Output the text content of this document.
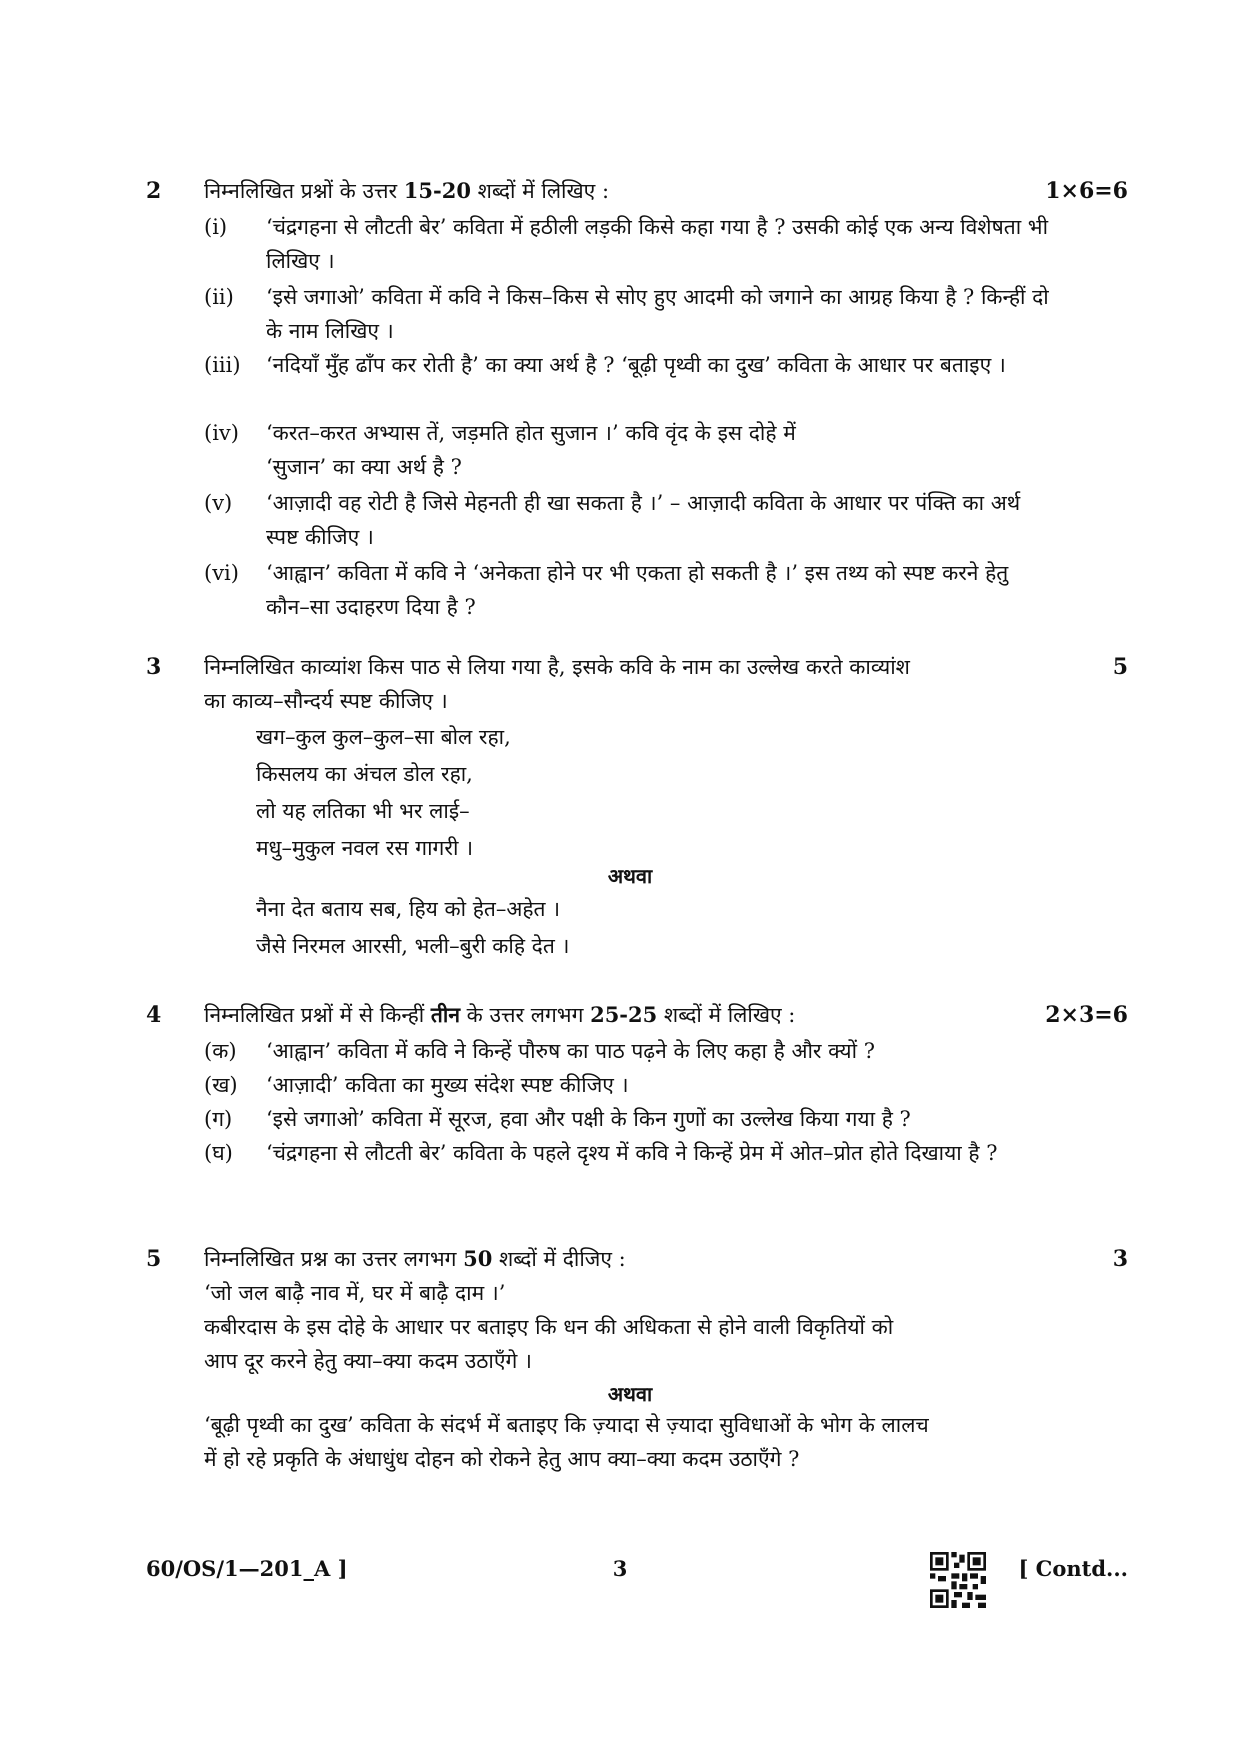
2 निम्नलिखित प्रश्नों के उत्तर 15-20 शब्दों में लिखिए :	1×6=6
(i)	‘चंद्रगहना से लौटती बेर’ कविता में हठीली लड़की किसे कहा गया है ? उसकी कोई एक अन्य विशेषता भी लिखिए ।
(ii)	‘इसे जगाओ’ कविता में कवि ने किस–किस से सोए हुए आदमी को जगाने का आग्रह किया है ? किन्हीं दो के नाम लिखिए ।
(iii)	‘नदियाँ मुँह ढाँप कर रोती है’ का क्या अर्थ है ? ‘बूढ़ी पृथ्वी का दुख’ कविता के आधार पर बताइए ।
(iv)	‘करत–करत अभ्यास तें, जड़मति होत सुजान ।’ कवि वृंद के इस दोहे में ‘सुजान’ का क्या अर्थ है ?
(v)	‘आज़ादी वह रोटी है जिसे मेहनती ही खा सकता है ।’ – आज़ादी कविता के आधार पर पंक्ति का अर्थ स्पष्ट कीजिए ।
(vi)	‘आह्वान’ कविता में कवि ने ‘अनेकता होने पर भी एकता हो सकती है ।’ इस तथ्य को स्पष्ट करने हेतु कौन–सा उदाहरण दिया है ?
3 निम्नलिखित काव्यांश किस पाठ से लिया गया है, इसके कवि के नाम का उल्लेख करते काव्यांश
का काव्य–सौन्दर्य स्पष्ट कीजिए ।
5
खग–कुल कुल–कुल–सा बोल रहा,
किसलय का अंचल डोल रहा,
लो यह लतिका भी भर लाई–
मधु–मुकुल नवल रस गागरी ।
अथवा
नैना देत बताय सब, हिय को हेत–अहेत ।
जैसे निरमल आरसी, भली–बुरी कहि देत ।
4 निम्नलिखित प्रश्नों में से किन्हीं तीन के उत्तर लगभग 25-25 शब्दों में लिखिए :	2×3=6
(क)	‘आह्वान’ कविता में कवि ने किन्हें पौरुष का पाठ पढ़ने के लिए कहा है और क्यों ?
(ख)	‘आज़ादी’ कविता का मुख्य संदेश स्पष्ट कीजिए ।
(ग)	‘इसे जगाओ’ कविता में सूरज, हवा और पक्षी के किन गुणों का उल्लेख किया गया है ?
(घ)	‘चंद्रगहना से लौटती बेर’ कविता के पहले दृश्य में कवि ने किन्हें प्रेम में ओत–प्रोत होते दिखाया है ?
5 निम्नलिखित प्रश्न का उत्तर लगभग 50 शब्दों में दीजिए :	3
‘जो जल बाढ़ै नाव में, घर में बाढ़ै दाम ।’
कबीरदास के इस दोहे के आधार पर बताइए कि धन की अधिकता से होने वाली विकृतियों को
आप दूर करने हेतु क्या–क्या कदम उठाएँगे ।
अथवा
‘बूढ़ी पृथ्वी का दुख’ कविता के संदर्भ में बताइए कि ज़्यादा से ज़्यादा सुविधाओं के भोग के लालच
में हो रहे प्रकृति के अंधाधुंध दोहन को रोकने हेतु आप क्या–क्या कदम उठाएँगे ?
60/OS/1—201_A ]	3	[ Contd...
